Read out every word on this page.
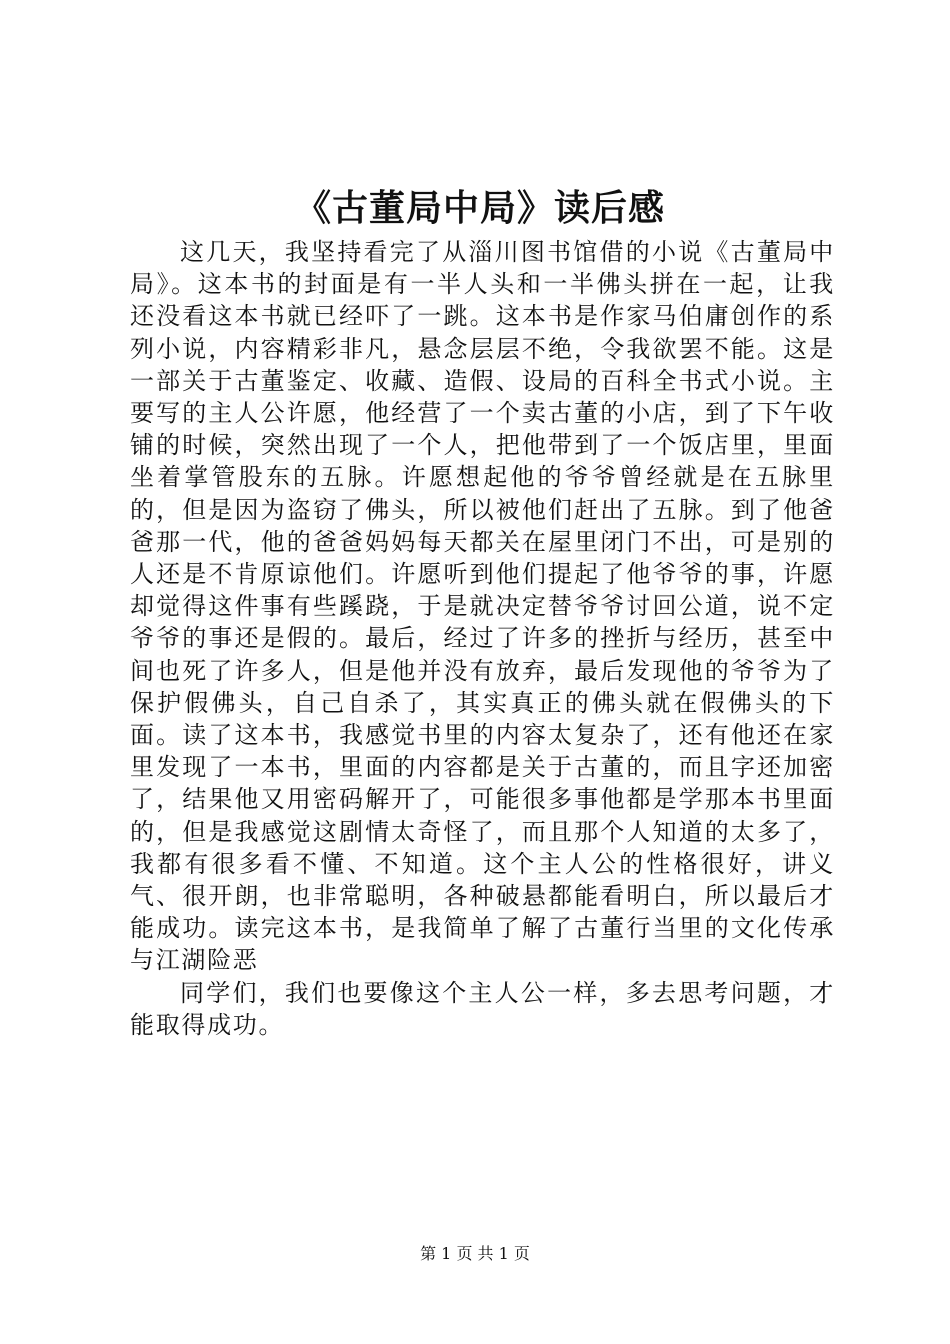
《古董局中局》读后感

这几天，我坚持看完了从淄川图书馆借的小说《古董局中局》。这本书的封面是有一半人头和一半佛头拼在一起，让我还没看这本书就已经吓了一跳。这本书是作家马伯庸创作的系列小说，内容精彩非凡，悬念层层不绝，令我欲罢不能。这是一部关于古董鉴定、收藏、造假、设局的百科全书式小说。主要写的主人公许愿，他经营了一个卖古董的小店，到了下午收铺的时候，突然出现了一个人，把他带到了一个饭店里，里面坐着掌管股东的五脉。许愿想起他的爷爷曾经就是在五脉里的，但是因为盗窃了佛头，所以被他们赶出了五脉。到了他爸爸那一代，他的爸爸妈妈每天都关在屋里闭门不出，可是别的人还是不肯原谅他们。许愿听到他们提起了他爷爷的事，许愿却觉得这件事有些蹊跷，于是就决定替爷爷讨回公道，说不定爷爷的事还是假的。最后，经过了许多的挫折与经历，甚至中间也死了许多人，但是他并没有放弃，最后发现他的爷爷为了保护假佛头，自己自杀了，其实真正的佛头就在假佛头的下面。读了这本书，我感觉书里的内容太复杂了，还有他还在家里发现了一本书，里面的内容都是关于古董的，而且字还加密了，结果他又用密码解开了，可能很多事他都是学那本书里面的，但是我感觉这剧情太奇怪了，而且那个人知道的太多了，我都有很多看不懂、不知道。这个主人公的性格很好，讲义气、很开朗，也非常聪明，各种破悬都能看明白，所以最后才能成功。读完这本书，是我简单了解了古董行当里的文化传承与江湖险恶

同学们，我们也要像这个主人公一样，多去思考问题，才能取得成功。

第 1 页 共 1 页
